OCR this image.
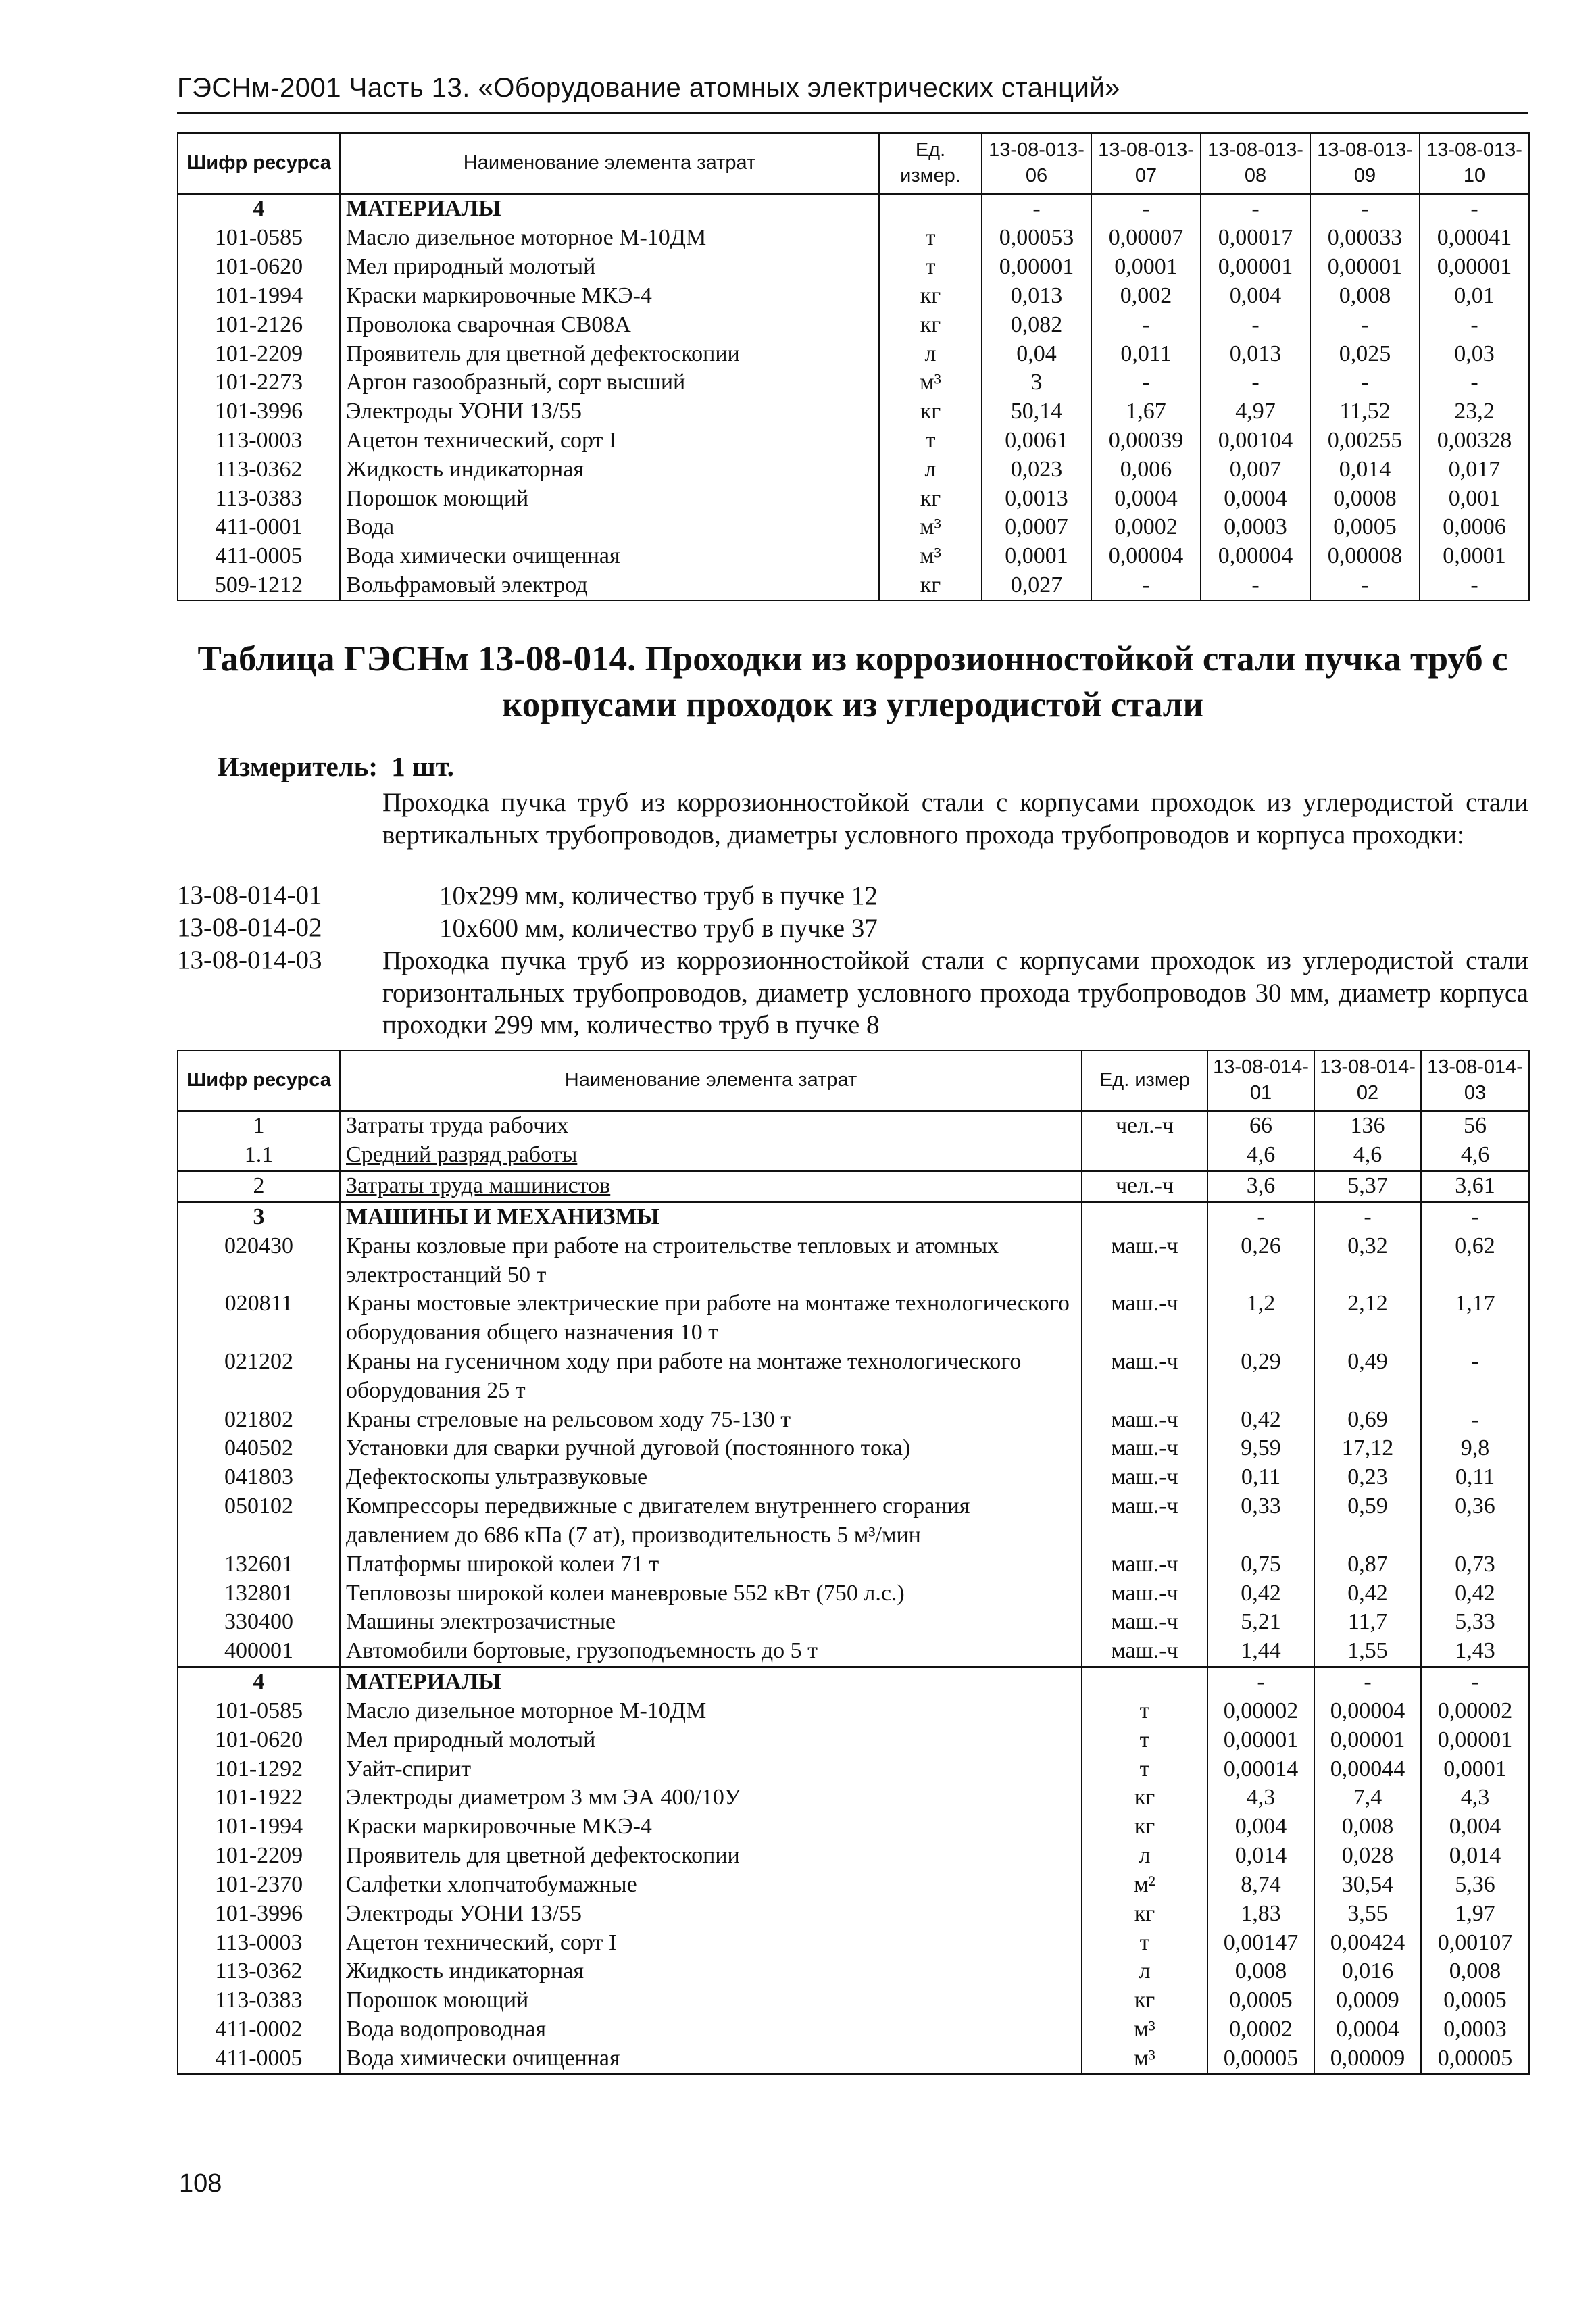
ГЭСНм-2001 Часть 13. «Оборудование атомных электрических станций»
Шифр ресурса	Наименование элемента затрат	Ед. измер.	13-08-013-06	13-08-013-07	13-08-013-08	13-08-013-09	13-08-013-10
4	МАТЕРИАЛЫ		-	-	-	-	-
101-0585	Масло дизельное моторное М-10ДМ	т	0,00053	0,00007	0,00017	0,00033	0,00041
101-0620	Мел природный молотый	т	0,00001	0,0001	0,00001	0,00001	0,00001
101-1994	Краски маркировочные МКЭ-4	кг	0,013	0,002	0,004	0,008	0,01
101-2126	Проволока сварочная СВ08А	кг	0,082	-	-	-	-
101-2209	Проявитель для цветной дефектоскопии	л	0,04	0,011	0,013	0,025	0,03
101-2273	Аргон газообразный, сорт высший	м³	3	-	-	-	-
101-3996	Электроды УОНИ 13/55	кг	50,14	1,67	4,97	11,52	23,2
113-0003	Ацетон технический, сорт I	т	0,0061	0,00039	0,00104	0,00255	0,00328
113-0362	Жидкость индикаторная	л	0,023	0,006	0,007	0,014	0,017
113-0383	Порошок моющий	кг	0,0013	0,0004	0,0004	0,0008	0,001
411-0001	Вода	м³	0,0007	0,0002	0,0003	0,0005	0,0006
411-0005	Вода химически очищенная	м³	0,0001	0,00004	0,00004	0,00008	0,0001
509-1212	Вольфрамовый электрод	кг	0,027	-	-	-	-
Таблица ГЭСНм 13-08-014. Проходки из коррозионностойкой стали пучка труб с корпусами проходок из углеродистой стали
Измеритель: 1 шт.
Проходка пучка труб из коррозионностойкой стали с корпусами проходок из углеродистой стали вертикальных трубопроводов, диаметры условного прохода трубопроводов и корпуса проходки:
13-08-014-01	10х299 мм, количество труб в пучке 12
13-08-014-02	10х600 мм, количество труб в пучке 37
13-08-014-03 Проходка пучка труб из коррозионностойкой стали с корпусами проходок из углеродистой стали горизонтальных трубопроводов, диаметр условного прохода трубопроводов 30 мм, диаметр корпуса проходки 299 мм, количество труб в пучке 8
Шифр ресурса	Наименование элемента затрат	Ед. измер	13-08-014-01	13-08-014-02	13-08-014-03
1	Затраты труда рабочих	чел.-ч	66	136	56
1.1	Средний разряд работы		4,6	4,6	4,6
2	Затраты труда машинистов	чел.-ч	3,6	5,37	3,61
3	МАШИНЫ И МЕХАНИЗМЫ		-	-	-
020430	Краны козловые при работе на строительстве тепловых и атомных электростанций 50 т	маш.-ч	0,26	0,32	0,62
020811	Краны мостовые электрические при работе на монтаже технологического оборудования общего назначения 10 т	маш.-ч	1,2	2,12	1,17
021202	Краны на гусеничном ходу при работе на монтаже технологического оборудования 25 т	маш.-ч	0,29	0,49	-
021802	Краны стреловые на рельсовом ходу 75-130 т	маш.-ч	0,42	0,69	-
040502	Установки для сварки ручной дуговой (постоянного тока)	маш.-ч	9,59	17,12	9,8
041803	Дефектоскопы ультразвуковые	маш.-ч	0,11	0,23	0,11
050102	Компрессоры передвижные с двигателем внутреннего сгорания давлением до 686 кПа (7 ат), производительность 5 м³/мин	маш.-ч	0,33	0,59	0,36
132601	Платформы широкой колеи 71 т	маш.-ч	0,75	0,87	0,73
132801	Тепловозы широкой колеи маневровые 552 кВт (750 л.с.)	маш.-ч	0,42	0,42	0,42
330400	Машины электрозачистные	маш.-ч	5,21	11,7	5,33
400001	Автомобили бортовые, грузоподъемность до 5 т	маш.-ч	1,44	1,55	1,43
4	МАТЕРИАЛЫ		-	-	-
101-0585	Масло дизельное моторное М-10ДМ	т	0,00002	0,00004	0,00002
101-0620	Мел природный молотый	т	0,00001	0,00001	0,00001
101-1292	Уайт-спирит	т	0,00014	0,00044	0,0001
101-1922	Электроды диаметром 3 мм ЭА 400/10У	кг	4,3	7,4	4,3
101-1994	Краски маркировочные МКЭ-4	кг	0,004	0,008	0,004
101-2209	Проявитель для цветной дефектоскопии	л	0,014	0,028	0,014
101-2370	Салфетки хлопчатобумажные	м²	8,74	30,54	5,36
101-3996	Электроды УОНИ 13/55	кг	1,83	3,55	1,97
113-0003	Ацетон технический, сорт I	т	0,00147	0,00424	0,00107
113-0362	Жидкость индикаторная	л	0,008	0,016	0,008
113-0383	Порошок моющий	кг	0,0005	0,0009	0,0005
411-0002	Вода водопроводная	м³	0,0002	0,0004	0,0003
411-0005	Вода химически очищенная	м³	0,00005	0,00009	0,00005
108
